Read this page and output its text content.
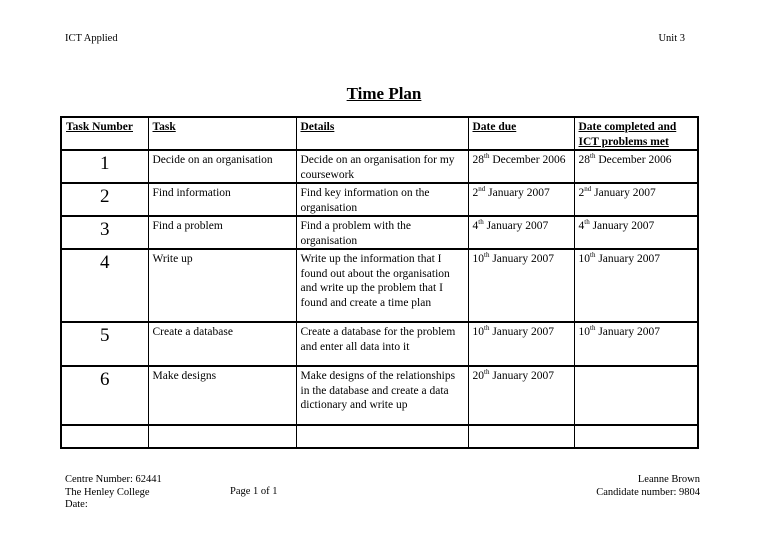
ICT Applied	Unit 3
Time Plan
Task Number	Task	Details	Date due	Date completed and ICT problems met
1	Decide on an organisation	Decide on an organisation for my coursework	28th December 2006	28th December 2006
2	Find information	Find key information on the organisation	2nd January 2007	2nd January 2007
3	Find a problem	Find a problem with the organisation	4th January 2007	4th January 2007
4	Write up	Write up the information that I found out about the organisation and write up the problem that I found and create a time plan	10th January 2007	10th January 2007
5	Create a database	Create a database for the problem and enter all data into it	10th January 2007	10th January 2007
6	Make designs	Make designs of the relationships in the database and create a data dictionary and write up	20th January 2007	

Centre Number: 62441
The Henley College
Date:
Page 1 of 1
Leanne Brown
Candidate number: 9804
